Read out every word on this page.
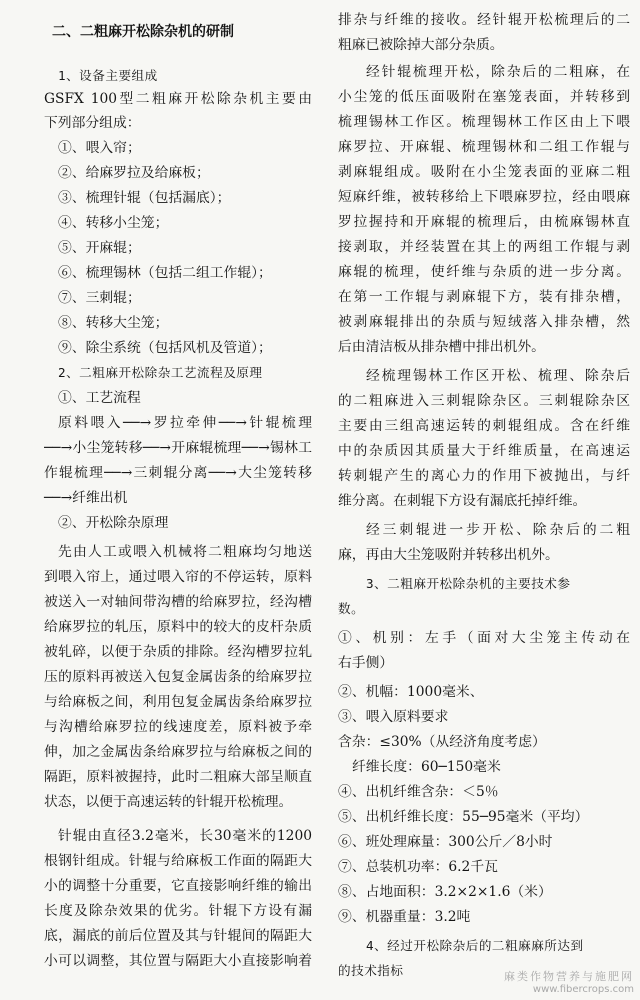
二、二粗麻开松除杂机的研制
1、设备主要组成
GSFX 100型二粗麻开松除杂机主要由
下列部分组成：
①、喂入帘；
②、给麻罗拉及给麻板；
③、梳理针辊（包括漏底）；
④、转移小尘笼；
⑤、开麻辊；
⑥、梳理锡林（包括二组工作辊）；
⑦、三刺辊；
⑧、转移大尘笼；
⑨、除尘系统（包括风机及管道）；
2、二粗麻开松除杂工艺流程及原理
①、工艺流程
原料喂入──→罗拉牵伸──→针辊梳理
──→小尘笼转移──→开麻辊梳理──→锡林工
作辊梳理──→三刺辊分离──→大尘笼转移
──→纤维出机
②、开松除杂原理
先由人工或喂入机械将二粗麻均匀地送
到喂入帘上，通过喂入帘的不停运转，原料
被送入一对轴间带沟槽的给麻罗拉，经沟槽
给麻罗拉的轧压，原料中的较大的皮杆杂质
被轧碎，以便于杂质的排除。经沟槽罗拉轧
压的原料再被送入包复金属齿条的给麻罗拉
与给麻板之间，利用包复金属齿条给麻罗拉
与沟槽给麻罗拉的线速度差，原料被予牵
伸，加之金属齿条给麻罗拉与给麻板之间的
隔距，原料被握持，此时二粗麻大部呈顺直
状态，以便于高速运转的针辊开松梳理。
针辊由直径3.2毫米，长30毫米的1200
根钢针组成。针辊与给麻板工作面的隔距大
小的调整十分重要，它直接影响纤维的输出
长度及除杂效果的优劣。针辊下方设有漏
底，漏底的前后位置及其与针辊间的隔距大
小可以调整，其位置与隔距大小直接影响着
排杂与纤维的接收。经针辊开松梳理后的二
粗麻已被除掉大部分杂质。
经针辊梳理开松，除杂后的二粗麻，在
小尘笼的低压面吸附在塞笼表面，并转移到
梳理锡林工作区。梳理锡林工作区由上下喂
麻罗拉、开麻辊、梳理锡林和二组工作辊与
剥麻辊组成。吸附在小尘笼表面的亚麻二粗
短麻纤维，被转移给上下喂麻罗拉，经由喂麻
罗拉握持和开麻辊的梳理后，由梳麻锡林直
接剥取，并经装置在其上的两组工作辊与剥
麻辊的梳理，使纤维与杂质的进一步分离。
在第一工作辊与剥麻辊下方，装有排杂槽，
被剥麻辊排出的杂质与短绒落入排杂槽，然
后由清洁板从排杂槽中排出机外。
经梳理锡林工作区开松、梳理、除杂后
的二粗麻进入三刺辊除杂区。三刺辊除杂区
主要由三组高速运转的刺辊组成。含在纤维
中的杂质因其质量大于纤维质量，在高速运
转刺辊产生的离心力的作用下被抛出，与纤
维分离。在刺辊下方设有漏底托掉纤维。
经三刺辊进一步开松、除杂后的二粗
麻，再由大尘笼吸附并转移出机外。
3、二粗麻开松除杂机的主要技术参
数。
①、机别：左手（面对大尘笼主传动在
右手侧）
②、机幅：1000毫米、
③、喂入原料要求
含杂：≤30%（从经济角度考虑）
纤维长度：60─150毫米
④、出机纤维含杂：＜5％
⑤、出机纤维长度：55─95毫米（平均）
⑥、班处理麻量：300公斤／8小时
⑦、总装机功率：6.2千瓦
⑧、占地面积：3.2×2×1.6（米）
⑨、机器重量：3.2吨
4、经过开松除杂后的二粗麻麻所达到
的技术指标	麻类作物营养与施肥网
www.fibercrops.com
